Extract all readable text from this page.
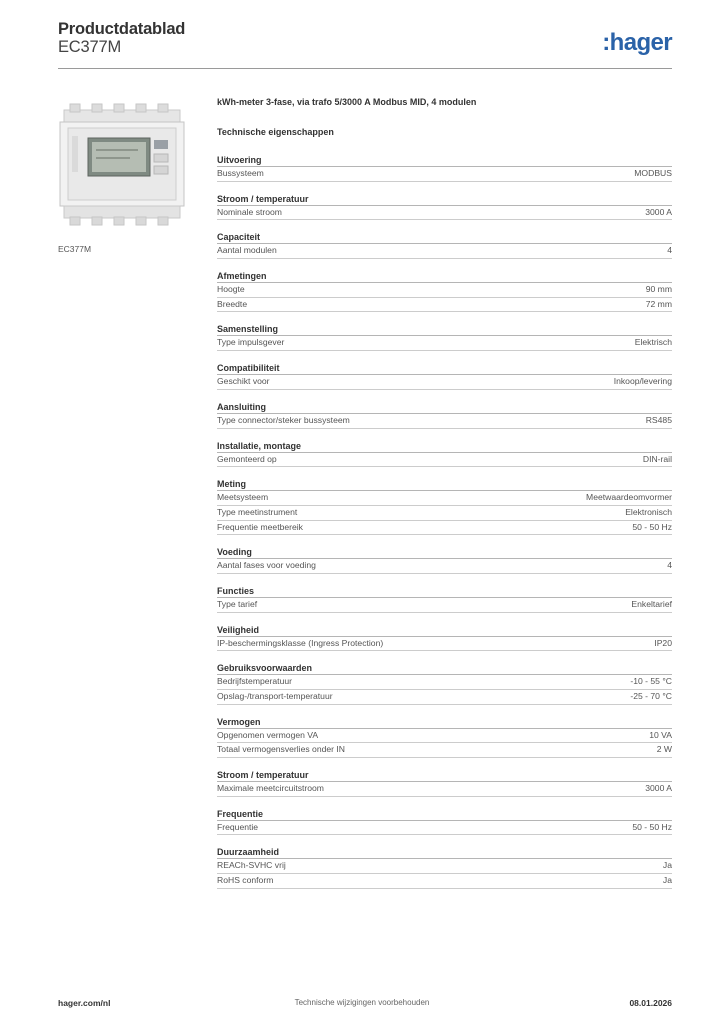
Productdatablad
EC377M	:hager
EC377M
kWh-meter 3-fase, via trafo 5/3000 A Modbus MID, 4 modulen
Technische eigenschappen
Uitvoering
Bussysteem	MODBUS
Stroom / temperatuur
Nominale stroom	3000 A
Capaciteit
Aantal modulen	4
Afmetingen
Hoogte	90 mm
Breedte	72 mm
Samenstelling
Type impulsgever	Elektrisch
Compatibiliteit
Geschikt voor	Inkoop/levering
Aansluiting
Type connector/steker bussysteem	RS485
Installatie, montage
Gemonteerd op	DIN-rail
Meting
Meetsysteem	Meetwaardeomvormer
Type meetinstrument	Elektronisch
Frequentie meetbereik	50 - 50 Hz
Voeding
Aantal fases voor voeding	4
Functies
Type tarief	Enkeltarief
Veiligheid
IP-beschermingsklasse (Ingress Protection)	IP20
Gebruiksvoorwaarden
Bedrijfstemperatuur	-10 - 55 °C
Opslag-/transport-temperatuur	-25 - 70 °C
Vermogen
Opgenomen vermogen VA	10 VA
Totaal vermogensverlies onder IN	2 W
Stroom / temperatuur
Maximale meetcircuitstroom	3000 A
Frequentie
Frequentie	50 - 50 Hz
Duurzaamheid
REACh-SVHC vrij	Ja
RoHS conform	Ja
hager.com/nl	Technische wijzigingen voorbehouden	08.01.2026
